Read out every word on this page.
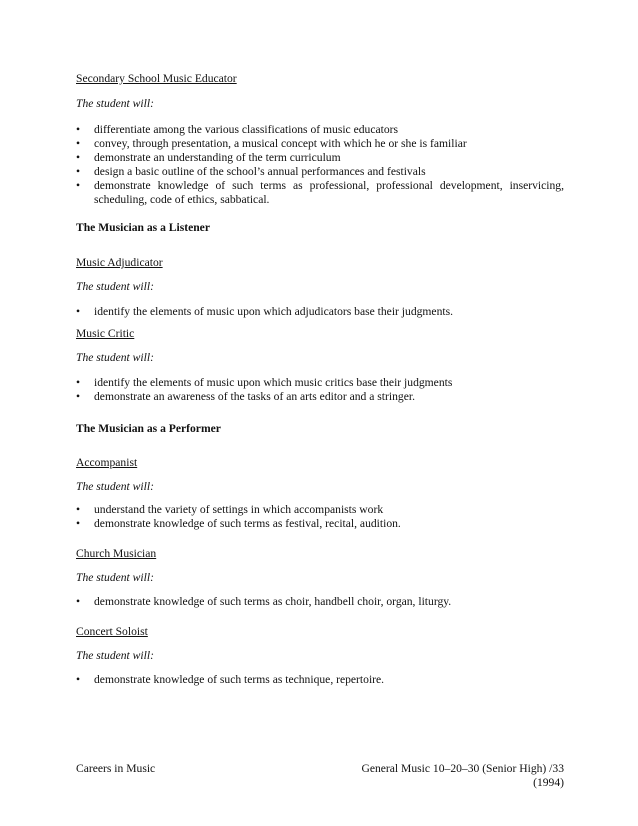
Secondary School Music Educator
The student will:
• differentiate among the various classifications of music educators
• convey, through presentation, a musical concept with which he or she is familiar
• demonstrate an understanding of the term curriculum
• design a basic outline of the school’s annual performances and festivals
• demonstrate knowledge of such terms as professional, professional development, inservicing, scheduling, code of ethics, sabbatical.
The Musician as a Listener
Music Adjudicator
The student will:
• identify the elements of music upon which adjudicators base their judgments.
Music Critic
The student will:
• identify the elements of music upon which music critics base their judgments
• demonstrate an awareness of the tasks of an arts editor and a stringer.
The Musician as a Performer
Accompanist
The student will:
• understand the variety of settings in which accompanists work
• demonstrate knowledge of such terms as festival, recital, audition.
Church Musician
The student will:
• demonstrate knowledge of such terms as choir, handbell choir, organ, liturgy.
Concert Soloist
The student will:
• demonstrate knowledge of such terms as technique, repertoire.
Careers in Music	General Music 10–20–30 (Senior High) /33
(1994)
